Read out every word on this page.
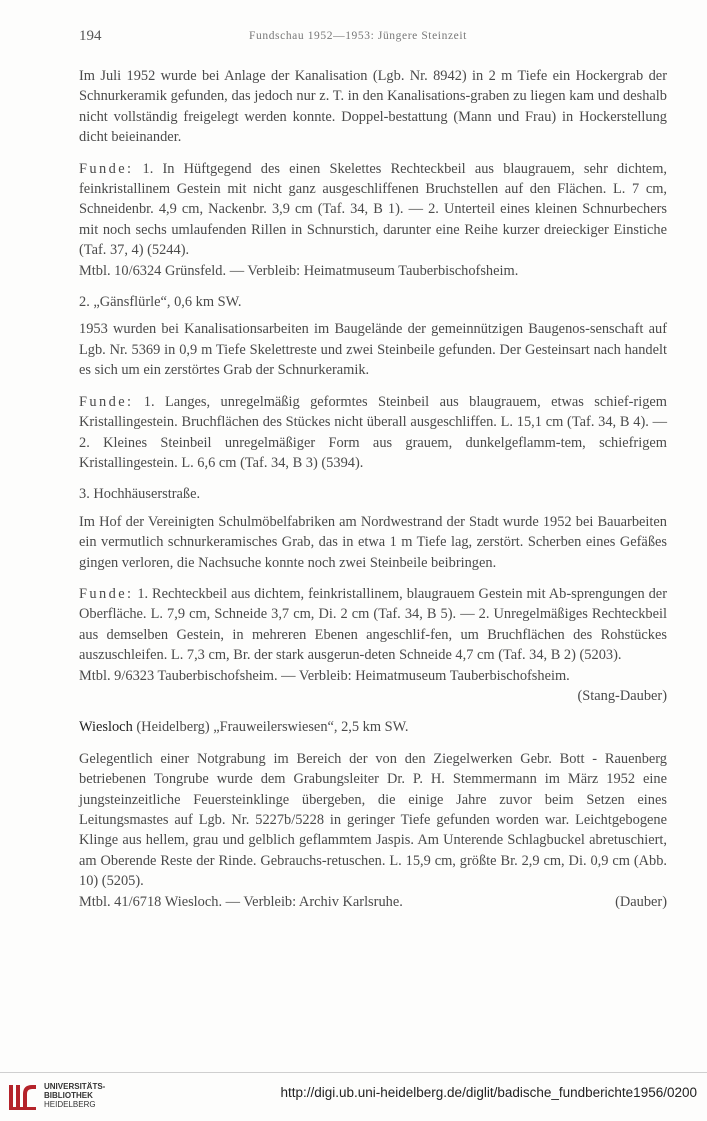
194	Fundschau 1952—1953: Jüngere Steinzeit

Im Juli 1952 wurde bei Anlage der Kanalisation (Lgb. Nr. 8942) in 2 m Tiefe ein Hockergrab der Schnurkeramik gefunden, das jedoch nur z. T. in den Kanalisations-graben zu liegen kam und deshalb nicht vollständig freigelegt werden konnte. Doppel-bestattung (Mann und Frau) in Hockerstellung dicht beieinander.

Funde: 1. In Hüftgegend des einen Skelettes Rechteckbeil aus blaugrauem, sehr dichtem, feinkristallinem Gestein mit nicht ganz ausgeschliffenen Bruchstellen auf den Flächen. L. 7 cm, Schneidenbr. 4,9 cm, Nackenbr. 3,9 cm (Taf. 34, B 1). — 2. Unterteil eines kleinen Schnurbechers mit noch sechs umlaufenden Rillen in Schnurstich, darunter eine Reihe kurzer dreieckiger Einstiche (Taf. 37, 4) (5244).

Mtbl. 10/6324 Grünsfeld. — Verbleib: Heimatmuseum Tauberbischofsheim.

2. „Gänsflürle“, 0,6 km SW.

1953 wurden bei Kanalisationsarbeiten im Baugelände der gemeinnützigen Baugenos-senschaft auf Lgb. Nr. 5369 in 0,9 m Tiefe Skelettreste und zwei Steinbeile gefunden. Der Gesteinsart nach handelt es sich um ein zerstörtes Grab der Schnurkeramik.

Funde: 1. Langes, unregelmäßig geformtes Steinbeil aus blaugrauem, etwas schief-rigem Kristallingestein. Bruchflächen des Stückes nicht überall ausgeschliffen. L. 15,1 cm (Taf. 34, B 4). — 2. Kleines Steinbeil unregelmäßiger Form aus grauem, dunkelgeflamm-tem, schiefrigem Kristallingestein. L. 6,6 cm (Taf. 34, B 3) (5394).

3. Hochhäuserstraße.

Im Hof der Vereinigten Schulmöbelfabriken am Nordwestrand der Stadt wurde 1952 bei Bauarbeiten ein vermutlich schnurkeramisches Grab, das in etwa 1 m Tiefe lag, zerstört. Scherben eines Gefäßes gingen verloren, die Nachsuche konnte noch zwei Steinbeile beibringen.

Funde: 1. Rechteckbeil aus dichtem, feinkristallinem, blaugrauem Gestein mit Ab-sprengungen der Oberfläche. L. 7,9 cm, Schneide 3,7 cm, Di. 2 cm (Taf. 34, B 5). — 2. Unregelmäßiges Rechteckbeil aus demselben Gestein, in mehreren Ebenen angeschlif-fen, um Bruchflächen des Rohstückes auszuschleifen. L. 7,3 cm, Br. der stark ausgerun-deten Schneide 4,7 cm (Taf. 34, B 2) (5203).

Mtbl. 9/6323 Tauberbischofsheim. — Verbleib: Heimatmuseum Tauberbischofsheim.

(Stang-Dauber)

Wiesloch (Heidelberg) „Frauweilerswiesen“, 2,5 km SW.

Gelegentlich einer Notgrabung im Bereich der von den Ziegelwerken Gebr. Bott - Rauenberg betriebenen Tongrube wurde dem Grabungsleiter Dr. P. H. Stemmermann im März 1952 eine jungsteinzeitliche Feuersteinklinge übergeben, die einige Jahre zuvor beim Setzen eines Leitungsmastes auf Lgb. Nr. 5227b/5228 in geringer Tiefe gefunden worden war. Leichtgebogene Klinge aus hellem, grau und gelblich geflammtem Jaspis. Am Unterende Schlagbuckel abretuschiert, am Oberende Reste der Rinde. Gebrauchs-retuschen. L. 15,9 cm, größte Br. 2,9 cm, Di. 0,9 cm (Abb. 10) (5205).

Mtbl. 41/6718 Wiesloch. — Verbleib: Archiv Karlsruhe.	(Dauber)
UNIVERSITÄTS-
BIBLIOTHEK
HEIDELBERG
http://digi.ub.uni-heidelberg.de/diglit/badische_fundberichte1956/0200
